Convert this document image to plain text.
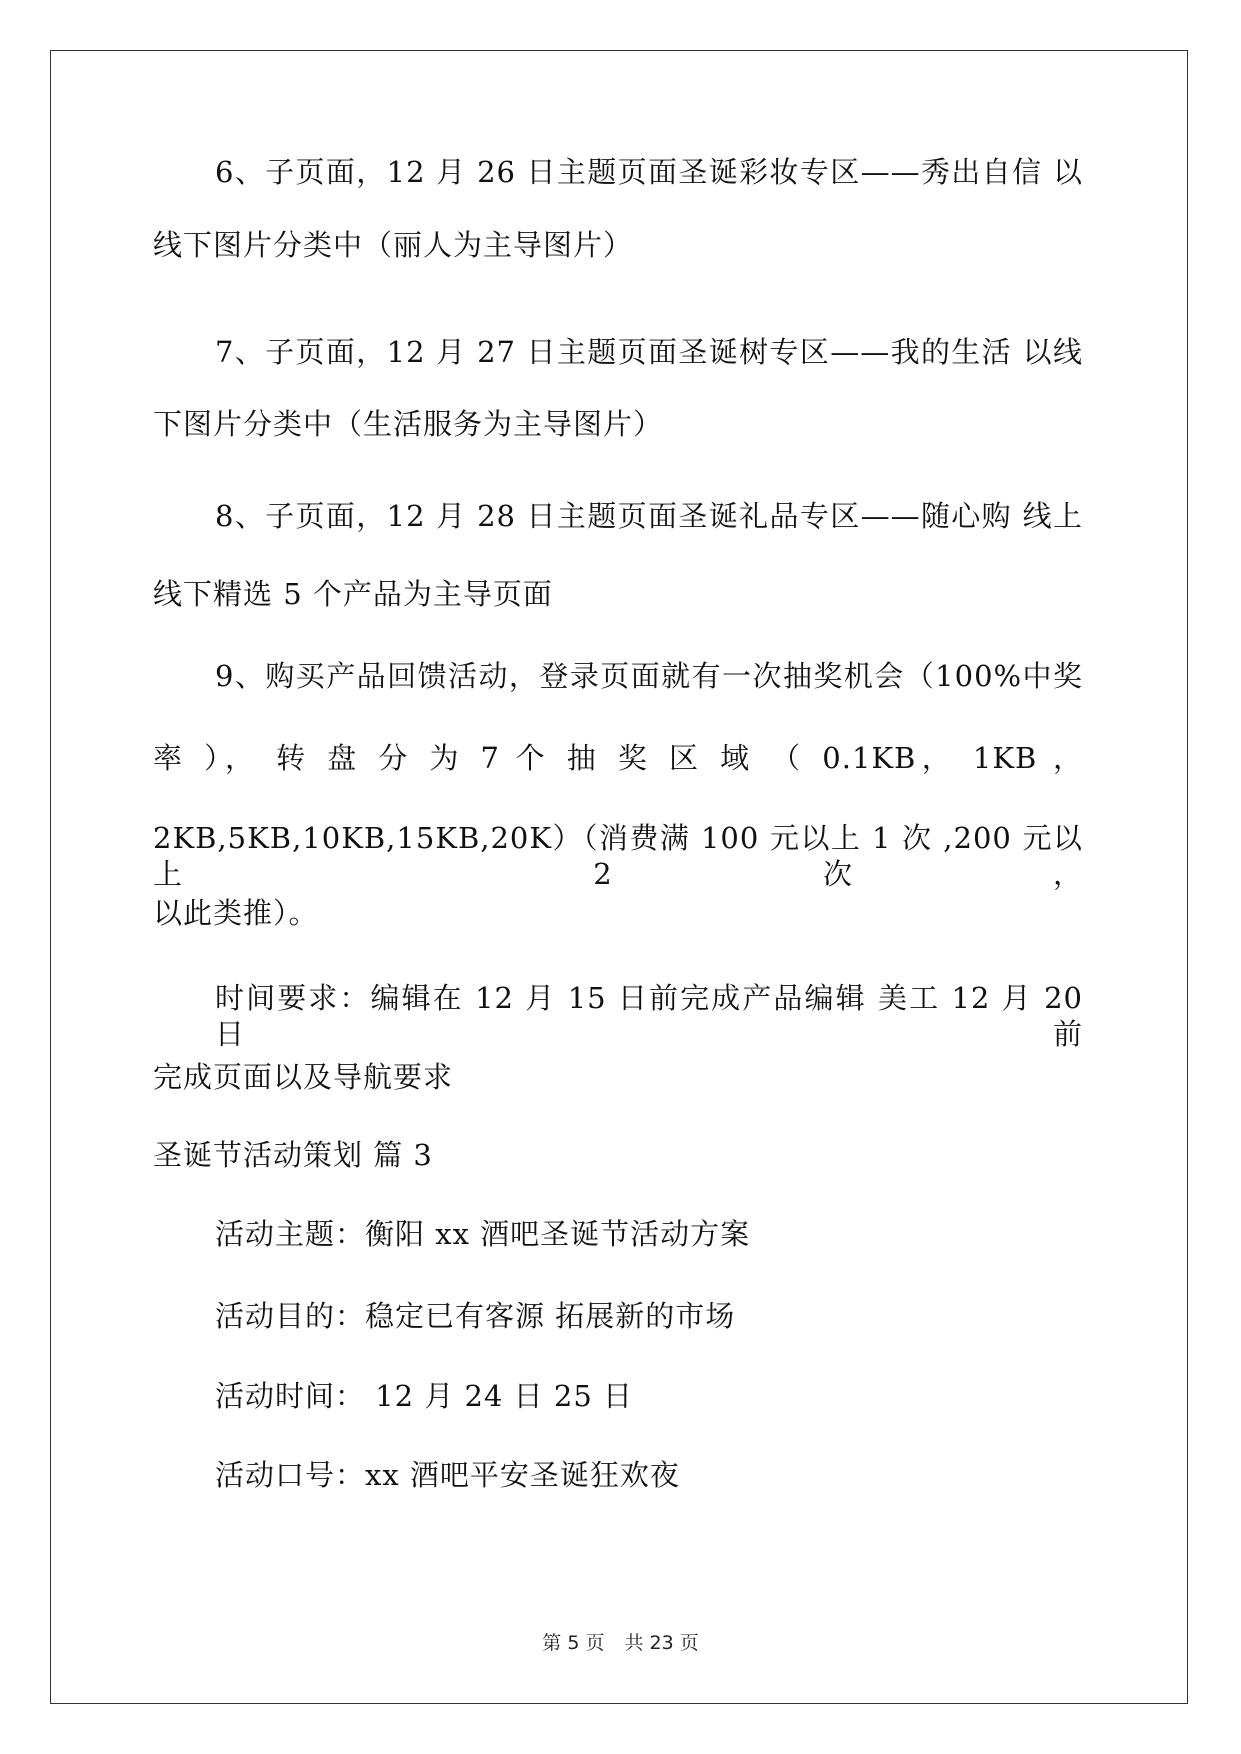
6、子页面，12 月 26 日主题页面圣诞彩妆专区——秀出自信 以
线下图片分类中（丽人为主导图片）
7、子页面，12 月 27 日主题页面圣诞树专区——我的生活 以线
下图片分类中（生活服务为主导图片）
8、子页面，12 月 28 日主题页面圣诞礼品专区——随心购 线上
线下精选 5 个产品为主导页面
9、购买产品回馈活动，登录页面就有一次抽奖机会（100%中奖
率 ）， 转 盘 分 为 7 个 抽 奖 区 域 （ 0.1KB， 1KB ，
2KB,5KB,10KB,15KB,20K）（消费满 100 元以上 1 次 ,200 元以上 2 次，
以此类推）。
时间要求：编辑在 12 月 15 日前完成产品编辑 美工 12 月 20 日前
完成页面以及导航要求
圣诞节活动策划 篇 3
活动主题：衡阳 xx 酒吧圣诞节活动方案
活动目的：稳定已有客源 拓展新的市场
活动时间： 12 月 24 日 25 日
活动口号：xx 酒吧平安圣诞狂欢夜
第 5 页 共 23 页
